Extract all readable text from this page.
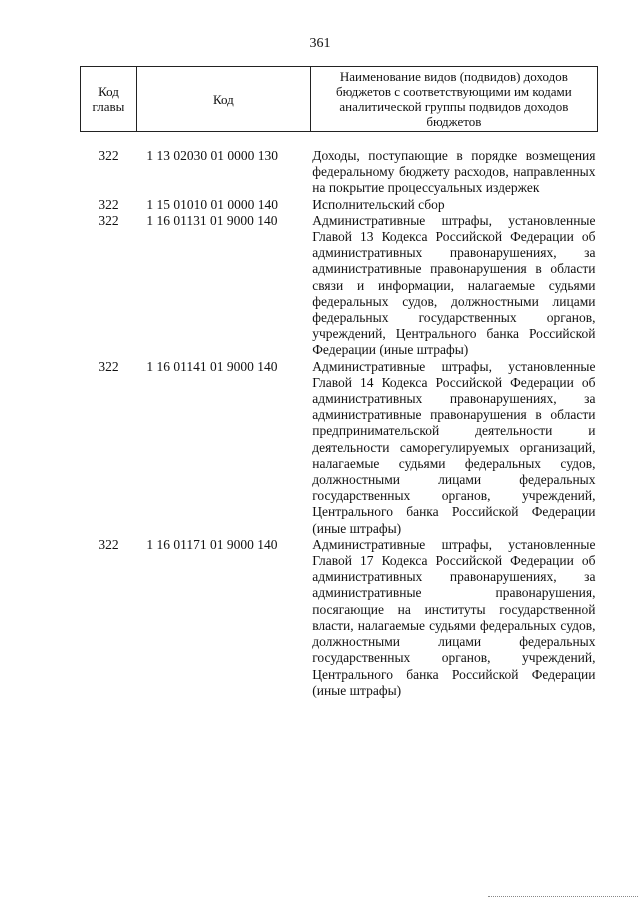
361
Код главы	Код	Наименование видов (подвидов) доходов бюджетов с соответствующими им кодами аналитической группы подвидов доходов бюджетов

322	1 13 02030 01 0000 130	Доходы, поступающие в порядке возмещения федеральному бюджету расходов, направленных на покрытие процессуальных издержек
322	1 15 01010 01 0000 140	Исполнительский сбор
322	1 16 01131 01 9000 140	Административные штрафы, установленные Главой 13 Кодекса Российской Федерации об административных правонарушениях, за административные правонарушения в области связи и информации, налагаемые судьями федеральных судов, должностными лицами федеральных государственных органов, учреждений, Центрального банка Российской Федерации (иные штрафы)
322	1 16 01141 01 9000 140	Административные штрафы, установленные Главой 14 Кодекса Российской Федерации об административных правонарушениях, за административные правонарушения в области предпринимательской деятельности и деятельности саморегулируемых организаций, налагаемые судьями федеральных судов, должностными лицами федеральных государственных органов, учреждений, Центрального банка Российской Федерации (иные штрафы)
322	1 16 01171 01 9000 140	Административные штрафы, установленные Главой 17 Кодекса Российской Федерации об административных правонарушениях, за административные правонарушения, посягающие на институты государственной власти, налагаемые судьями федеральных судов, должностными лицами федеральных государственных органов, учреждений, Центрального банка Российской Федерации (иные штрафы)
